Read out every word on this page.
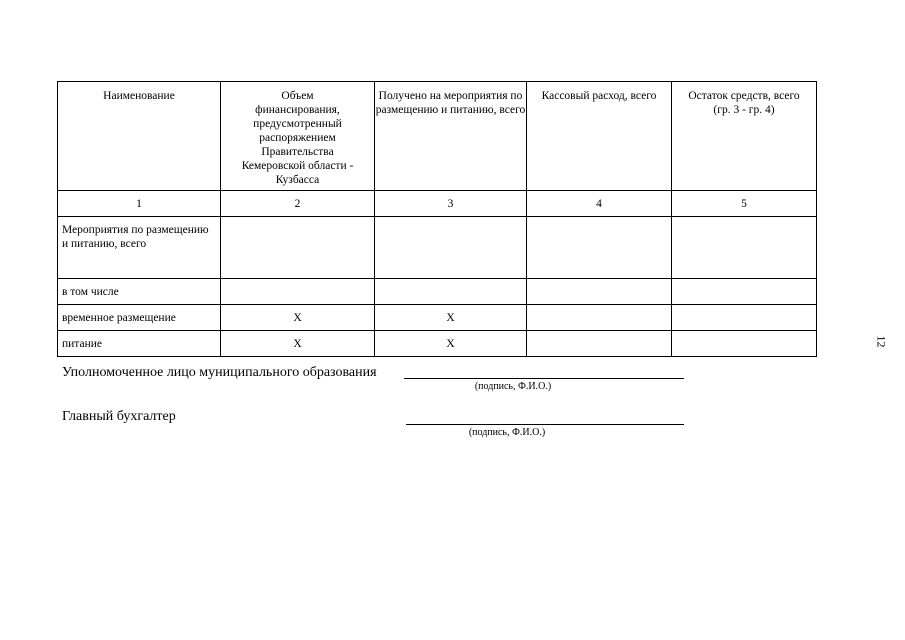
Наименование	Объем финансирования, предусмотренный распоряжением Правительства Кемеровской области - Кузбасса	Получено на мероприятия по размещению и питанию, всего	Кассовый расход, всего	Остаток средств, всего (гр. 3 - гр. 4)

1	2	3	4	5
Мероприятия по размещению и питанию, всего				
в том числе				
временное размещение	Х	Х		
питание	Х	Х		
Уполномоченное лицо муниципального образования
(подпись, Ф.И.О.)
Главный бухгалтер
(подпись, Ф.И.О.)
12
